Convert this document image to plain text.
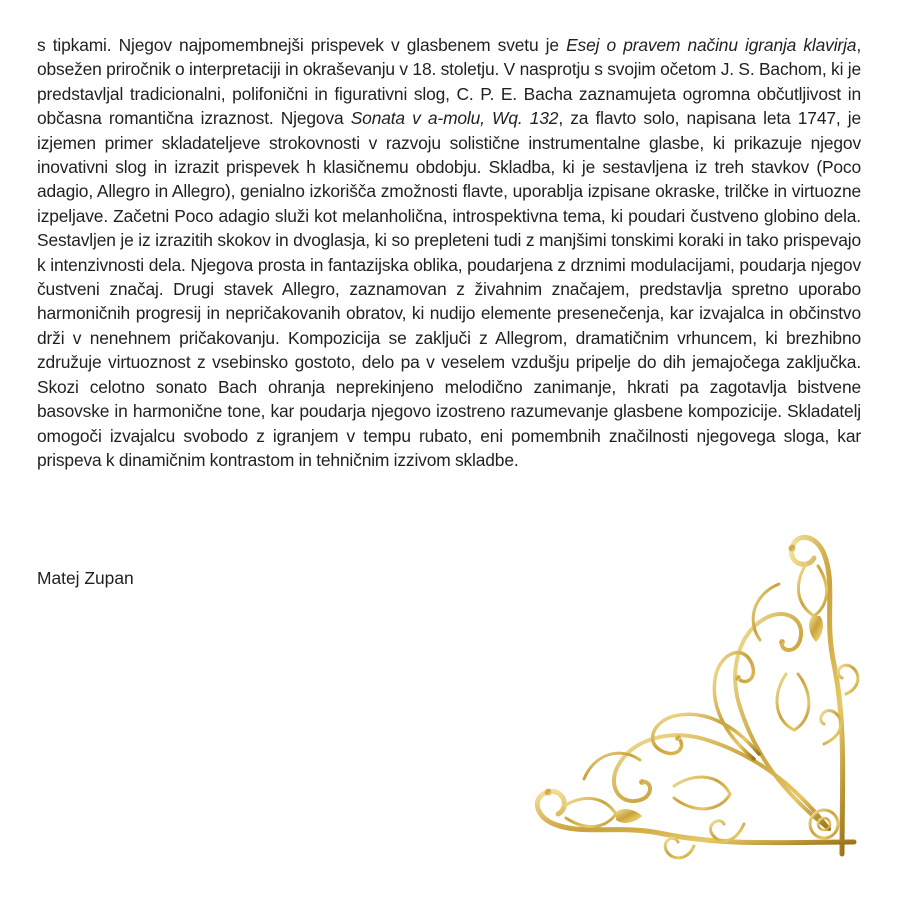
s tipkami. Njegov najpomembnejši prispevek v glasbenem svetu je Esej o pravem načinu igranja klavirja, obsežen priročnik o interpretaciji in okraševanju v 18. stoletju. V nasprotju s svojim očetom J. S. Bachom, ki je predstavljal tradicionalni, polifonični in figurativni slog, C. P. E. Bacha zaznamujeta ogromna občutljivost in občasna romantična izraznost. Njegova Sonata v a-molu, Wq. 132, za flavto solo, napisana leta 1747, je izjemen primer skladateljeve strokovnosti v razvoju solistične instrumentalne glasbe, ki prikazuje njegov inovativni slog in izrazit prispevek h klasičnemu obdobju. Skladba, ki je sestavljena iz treh stavkov (Poco adagio, Allegro in Allegro), genialno izkorišča zmožnosti flavte, uporablja izpisane okraske, trilčke in virtuozne izpeljave. Začetni Poco adagio služi kot melanholična, introspektivna tema, ki poudari čustveno globino dela. Sestavljen je iz izrazitih skokov in dvoglasja, ki so prepleteni tudi z manjšimi tonskimi koraki in tako prispevajo k intenzivnosti dela. Njegova prosta in fantazijska oblika, poudarjena z drznimi modulacijami, poudarja njegov čustveni značaj. Drugi stavek Allegro, zaznamovan z živahnim značajem, predstavlja spretno uporabo harmoničnih progresij in nepričakovanih obratov, ki nudijo elemente presenečenja, kar izvajalca in občinstvo drži v nenehnem pričakovanju. Kompozicija se zaključi z Allegrom, dramatičnim vrhuncem, ki brezhibno združuje virtuoznost z vsebinsko gostoto, delo pa v veselem vzdušju pripelje do dih jemajočega zaključka. Skozi celotno sonato Bach ohranja neprekinjeno melodično zanimanje, hkrati pa zagotavlja bistvene basovske in harmonične tone, kar poudarja njegovo izostreno razumevanje glasbene kompozicije. Skladatelj omogoči izvajalcu svobodo z igranjem v tempu rubato, eni pomembnih značilnosti njegovega sloga, kar prispeva k dinamičnim kontrastom in tehničnim izzivom skladbe.

Matej Zupan
